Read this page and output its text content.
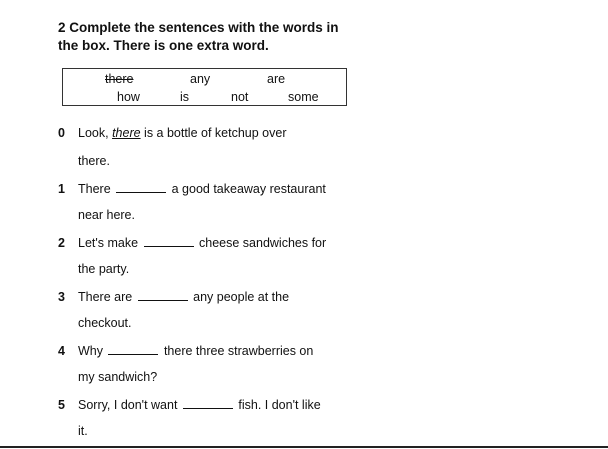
2 Complete the sentences with the words in
the box. There is one extra word.
there	any	are
how	is	not	some
0 Look, there is a bottle of ketchup over
there.
1 There	a good takeaway restaurant
near here.
2 Let's make	cheese sandwiches for
the party.
3 There are	any people at the
checkout.
4 Why	there three strawberries on
my sandwich?
5 Sorry, I don't want	fish. I don't like
it.
